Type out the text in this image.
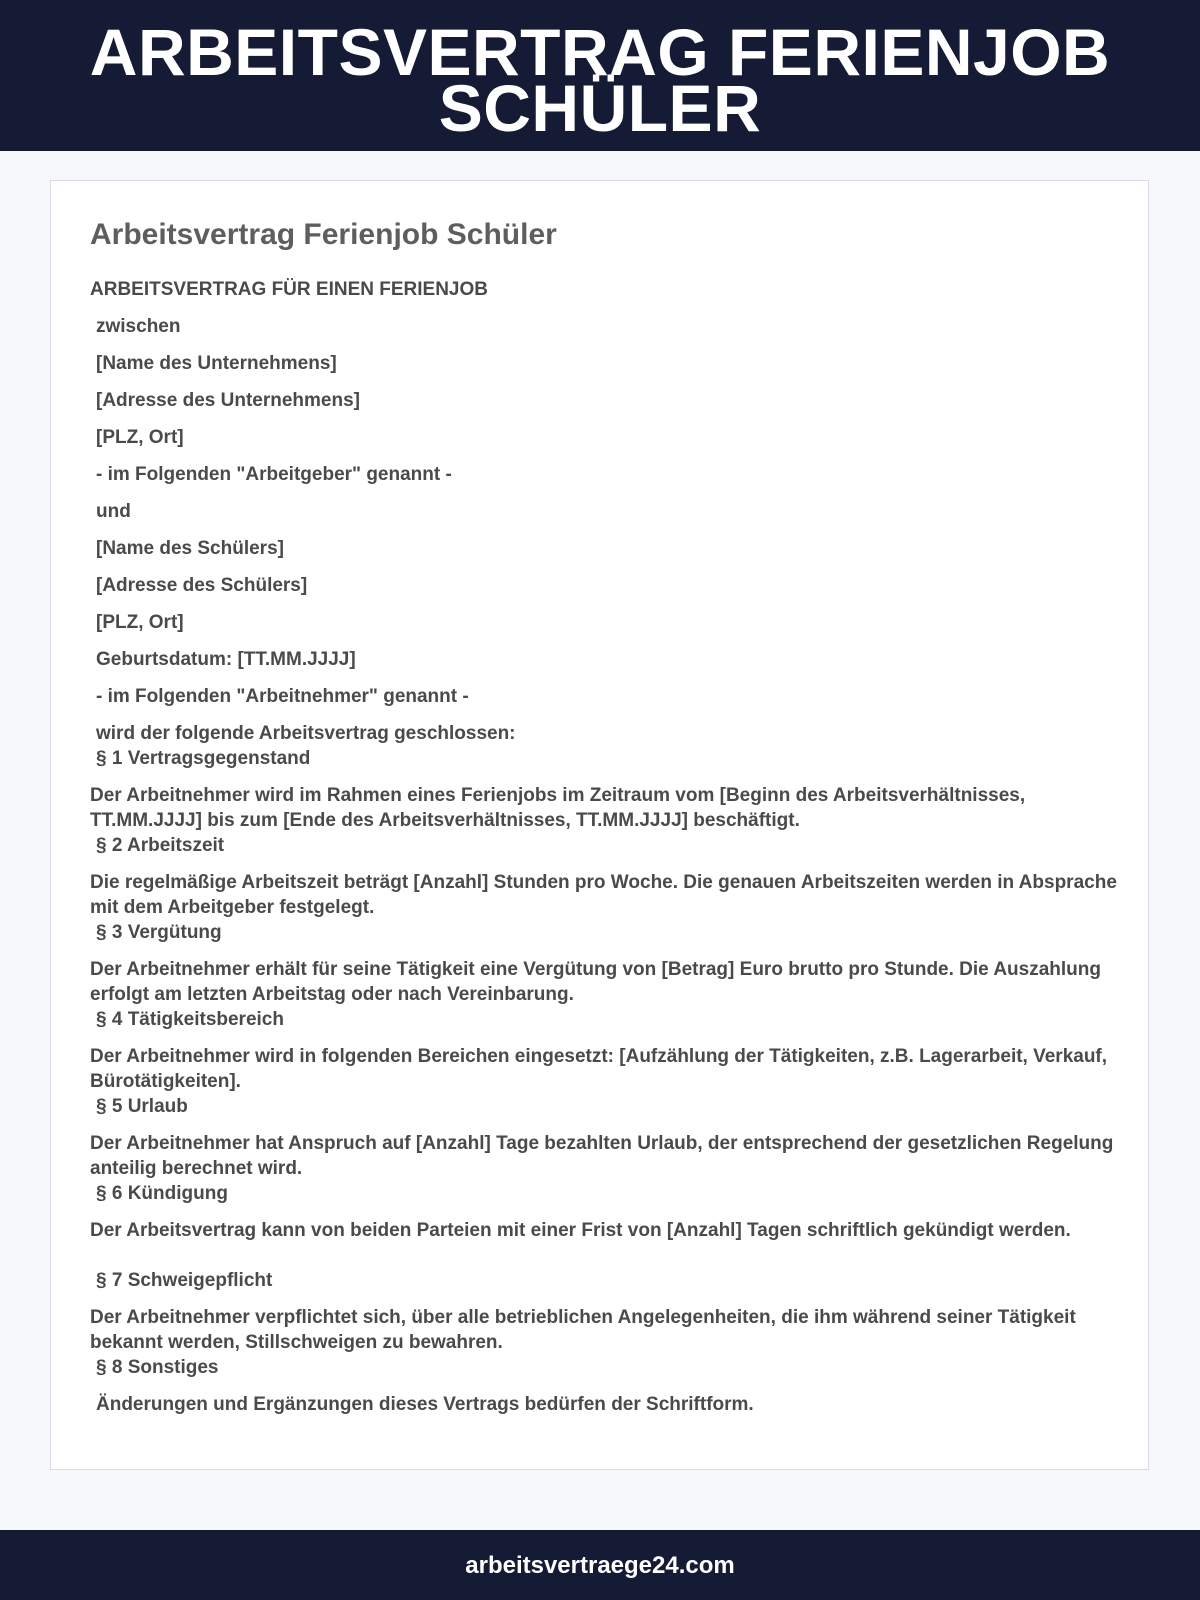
ARBEITSVERTRAG FERIENJOB
SCHÜLER
Arbeitsvertrag Ferienjob Schüler
ARBEITSVERTRAG FÜR EINEN FERIENJOB
zwischen
[Name des Unternehmens]
[Adresse des Unternehmens]
[PLZ, Ort]
- im Folgenden "Arbeitgeber" genannt -
und
[Name des Schülers]
[Adresse des Schülers]
[PLZ, Ort]
Geburtsdatum: [TT.MM.JJJJ]
- im Folgenden "Arbeitnehmer" genannt -
wird der folgende Arbeitsvertrag geschlossen:
§ 1 Vertragsgegenstand
Der Arbeitnehmer wird im Rahmen eines Ferienjobs im Zeitraum vom [Beginn des Arbeitsverhältnisses, TT.MM.JJJJ] bis zum [Ende des Arbeitsverhältnisses, TT.MM.JJJJ] beschäftigt.
§ 2 Arbeitszeit
Die regelmäßige Arbeitszeit beträgt [Anzahl] Stunden pro Woche. Die genauen Arbeitszeiten werden in Absprache mit dem Arbeitgeber festgelegt.
§ 3 Vergütung
Der Arbeitnehmer erhält für seine Tätigkeit eine Vergütung von [Betrag] Euro brutto pro Stunde. Die Auszahlung erfolgt am letzten Arbeitstag oder nach Vereinbarung.
§ 4 Tätigkeitsbereich
Der Arbeitnehmer wird in folgenden Bereichen eingesetzt: [Aufzählung der Tätigkeiten, z.B. Lagerarbeit, Verkauf, Bürotätigkeiten].
§ 5 Urlaub
Der Arbeitnehmer hat Anspruch auf [Anzahl] Tage bezahlten Urlaub, der entsprechend der gesetzlichen Regelung anteilig berechnet wird.
§ 6 Kündigung
Der Arbeitsvertrag kann von beiden Parteien mit einer Frist von [Anzahl] Tagen schriftlich gekündigt werden.
§ 7 Schweigepflicht
Der Arbeitnehmer verpflichtet sich, über alle betrieblichen Angelegenheiten, die ihm während seiner Tätigkeit bekannt werden, Stillschweigen zu bewahren.
§ 8 Sonstiges
Änderungen und Ergänzungen dieses Vertrags bedürfen der Schriftform.
arbeitsvertraege24.com
